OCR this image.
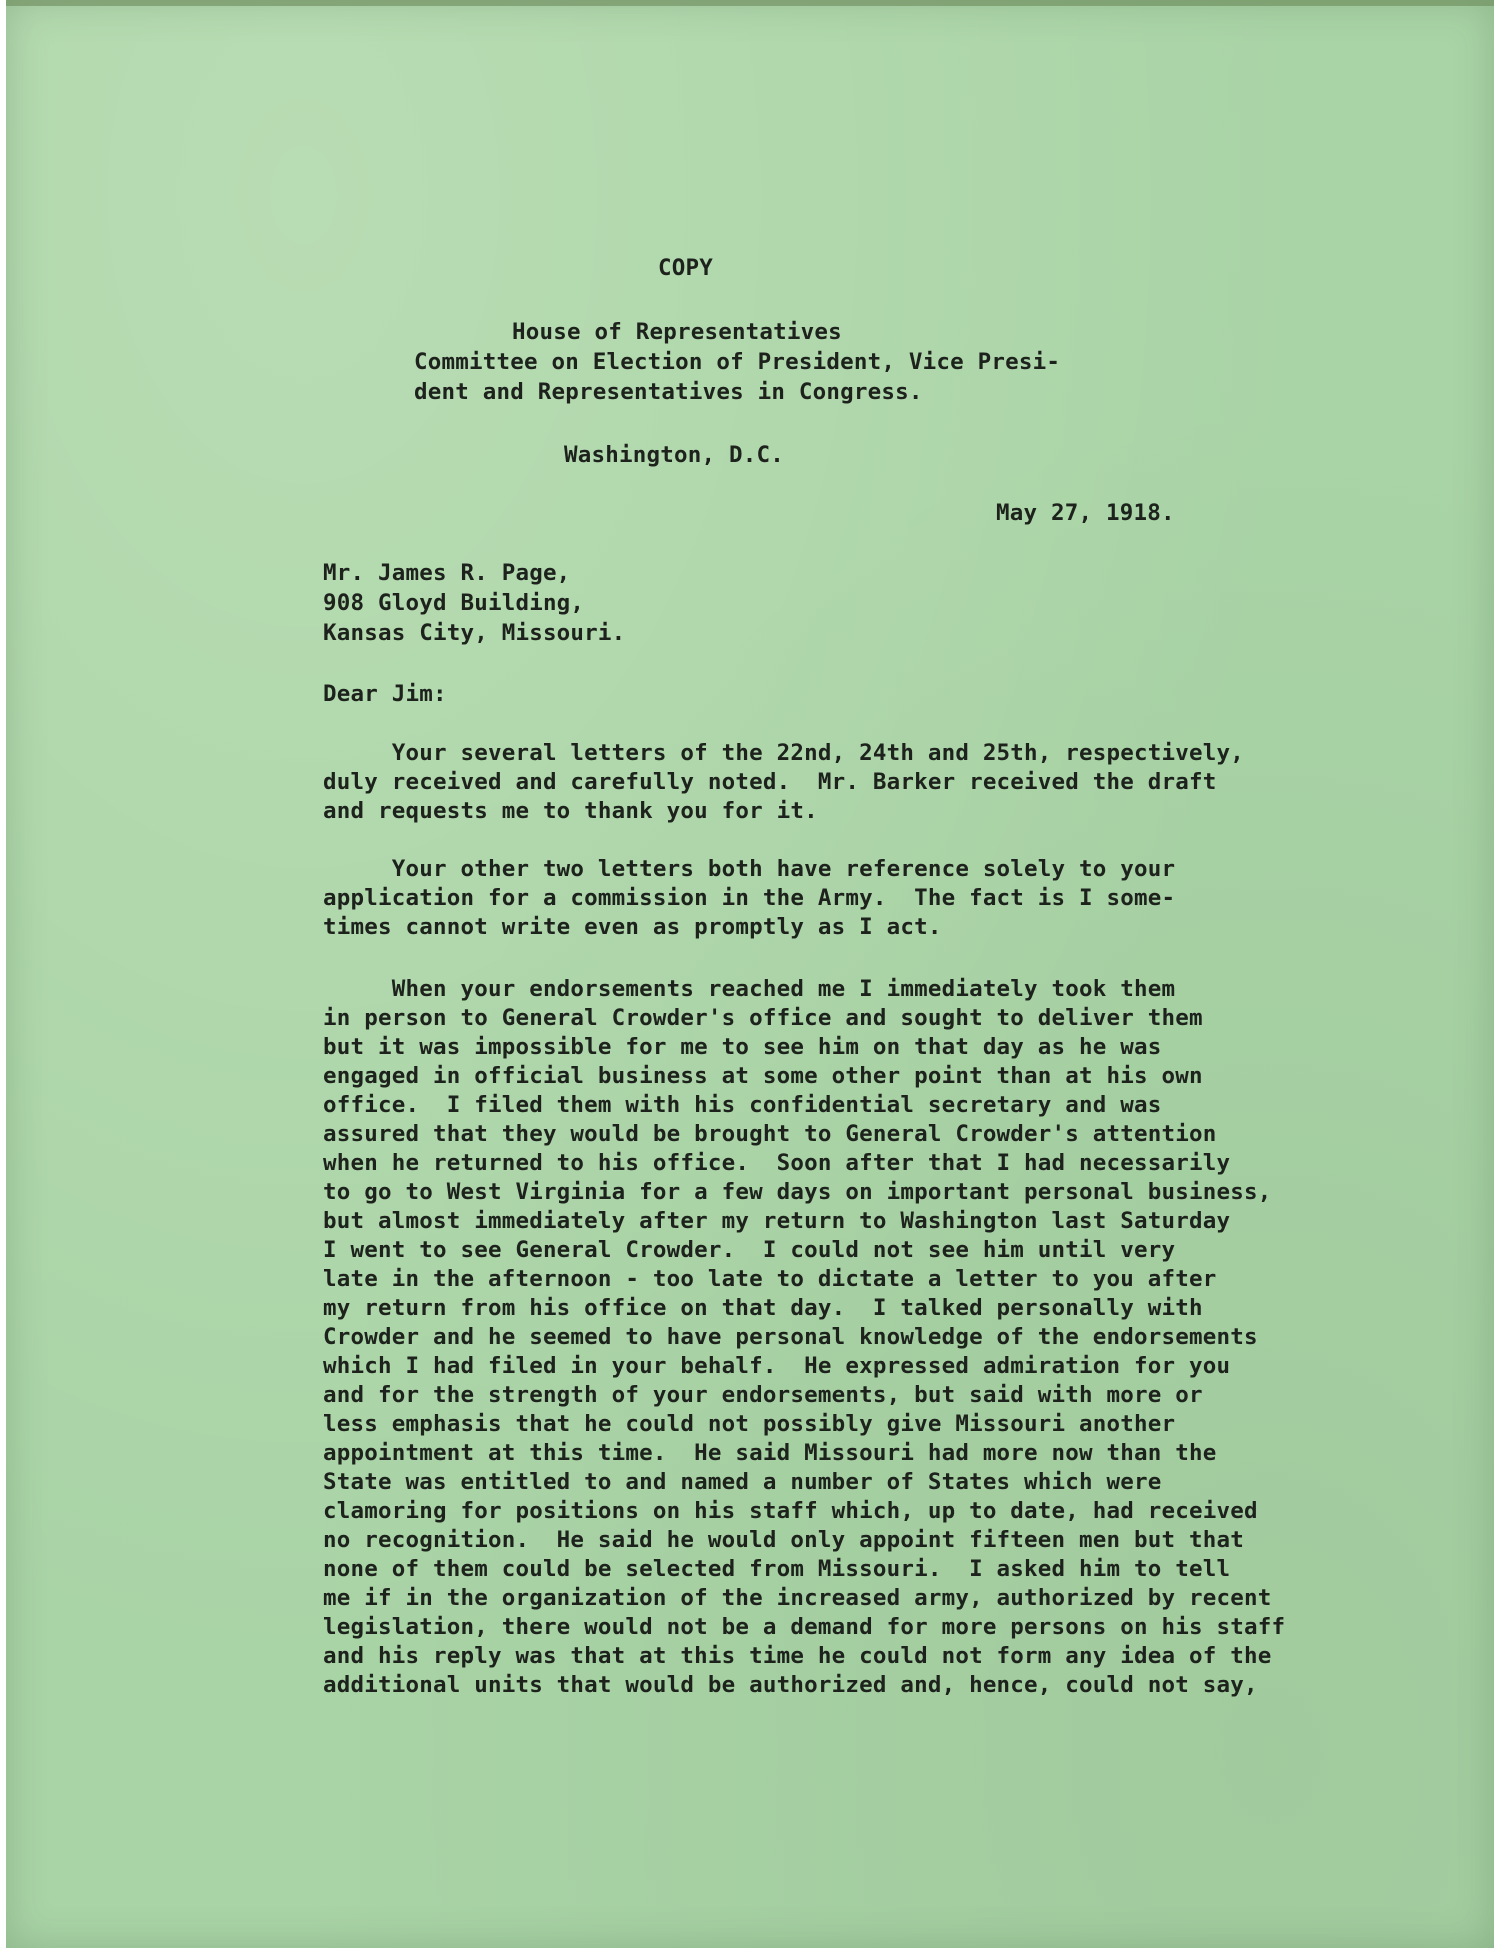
COPY
House of Representatives
Committee on Election of President, Vice Presi-
dent and Representatives in Congress.
Washington, D.C.
May 27, 1918.
Mr. James R. Page,
908 Gloyd Building,
Kansas City, Missouri.
Dear Jim:
Your several letters of the 22nd, 24th and 25th, respectively,
duly received and carefully noted.  Mr. Barker received the draft
and requests me to thank you for it.
Your other two letters both have reference solely to your
application for a commission in the Army.  The fact is I some-
times cannot write even as promptly as I act.
When your endorsements reached me I immediately took them
in person to General Crowder's office and sought to deliver them
but it was impossible for me to see him on that day as he was
engaged in official business at some other point than at his own
office.  I filed them with his confidential secretary and was
assured that they would be brought to General Crowder's attention
when he returned to his office.  Soon after that I had necessarily
to go to West Virginia for a few days on important personal business,
but almost immediately after my return to Washington last Saturday
I went to see General Crowder.  I could not see him until very
late in the afternoon - too late to dictate a letter to you after
my return from his office on that day.  I talked personally with
Crowder and he seemed to have personal knowledge of the endorsements
which I had filed in your behalf.  He expressed admiration for you
and for the strength of your endorsements, but said with more or
less emphasis that he could not possibly give Missouri another
appointment at this time.  He said Missouri had more now than the
State was entitled to and named a number of States which were
clamoring for positions on his staff which, up to date, had received
no recognition.  He said he would only appoint fifteen men but that
none of them could be selected from Missouri.  I asked him to tell
me if in the organization of the increased army, authorized by recent
legislation, there would not be a demand for more persons on his staff
and his reply was that at this time he could not form any idea of the
additional units that would be authorized and, hence, could not say,
